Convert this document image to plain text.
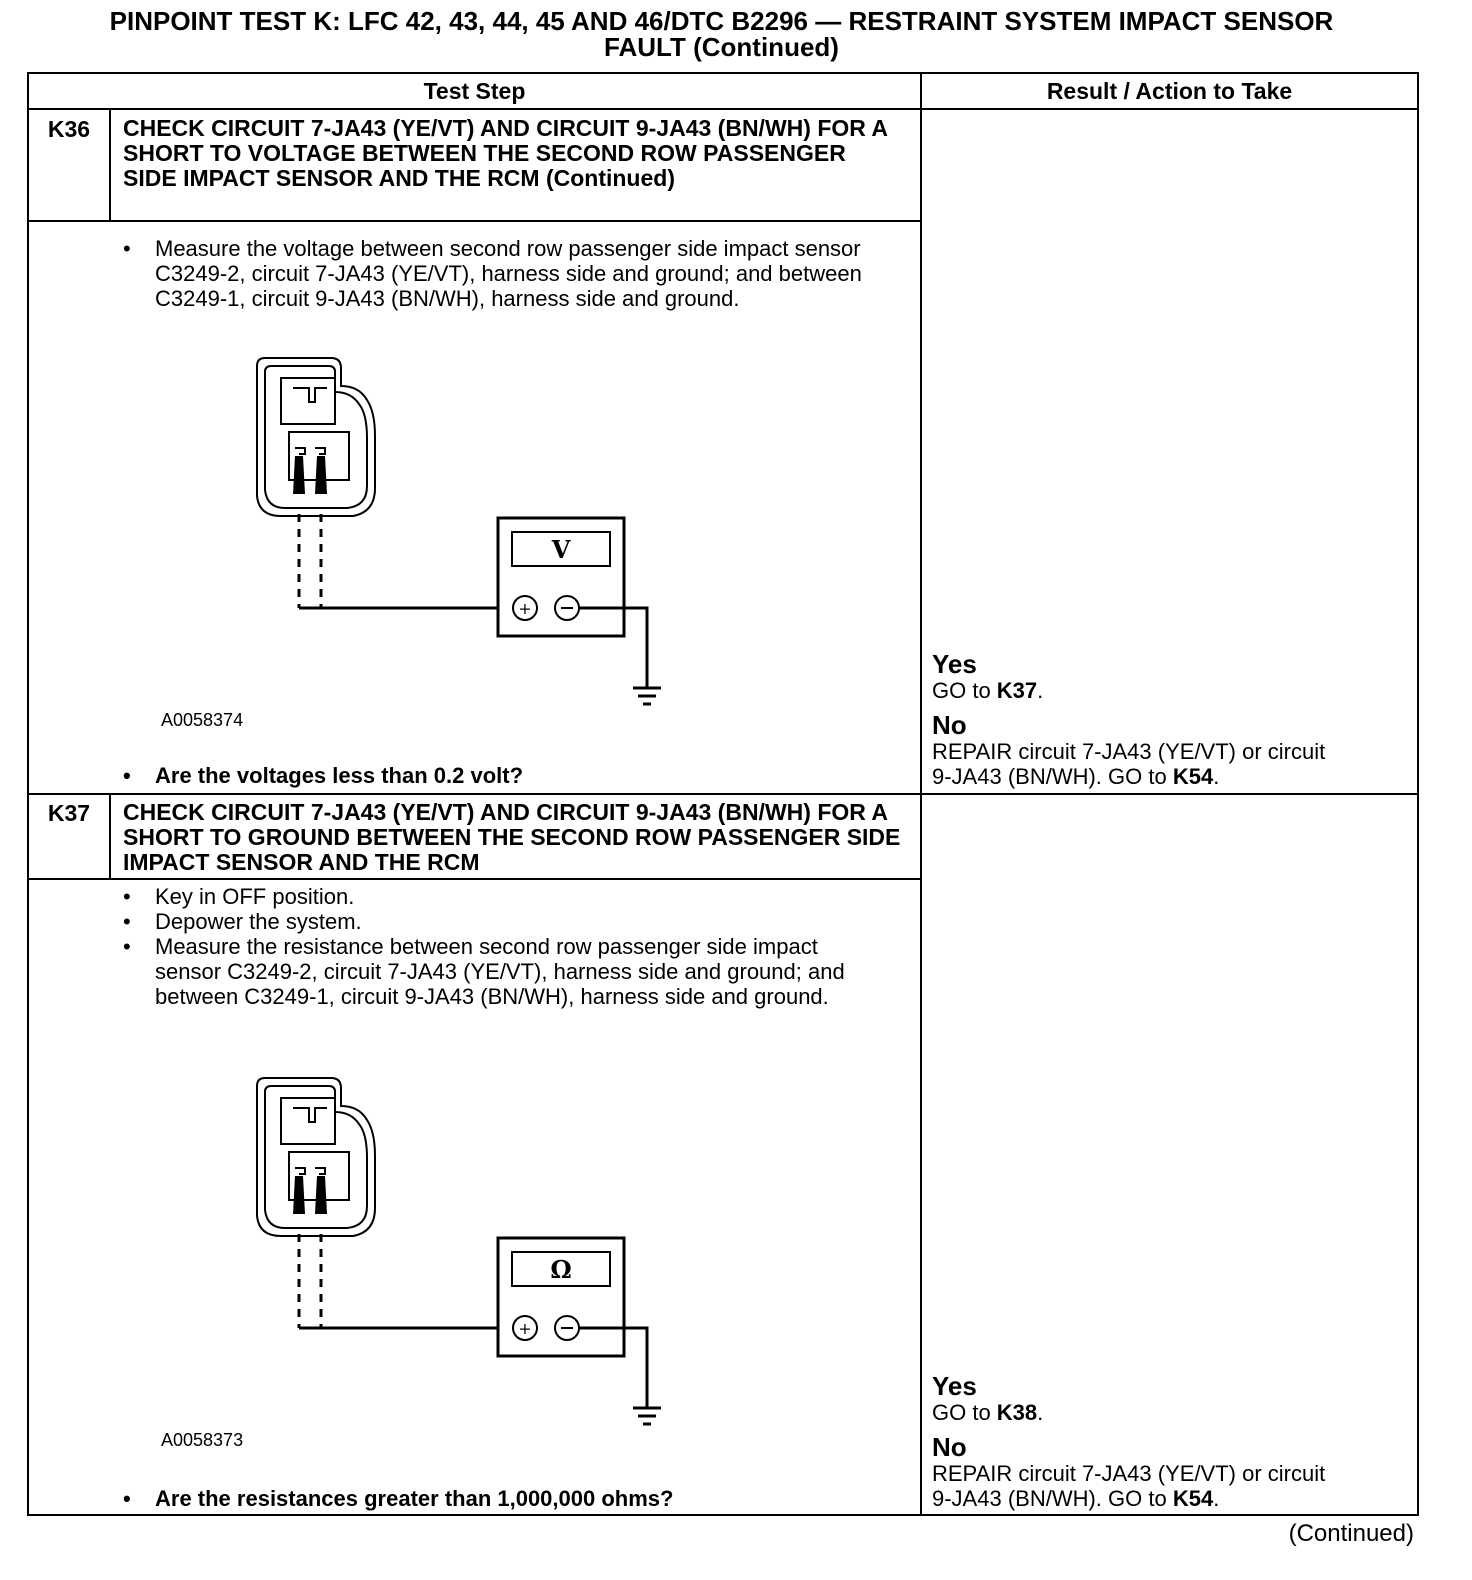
PINPOINT TEST K: LFC 42, 43, 44, 45 AND 46/DTC B2296 — RESTRAINT SYSTEM IMPACT SENSOR
FAULT (Continued)
Test Step	Result / Action to Take
K36	CHECK CIRCUIT 7-JA43 (YE/VT) AND CIRCUIT 9-JA43 (BN/WH) FOR A SHORT TO VOLTAGE BETWEEN THE SECOND ROW PASSENGER SIDE IMPACT SENSOR AND THE RCM (Continued)
• Measure the voltage between second row passenger side impact sensor C3249-2, circuit 7-JA43 (YE/VT), harness side and ground; and between C3249-1, circuit 9-JA43 (BN/WH), harness side and ground.
V
+
A0058374
• Are the voltages less than 0.2 volt?
Yes
GO to K37.
No
REPAIR circuit 7-JA43 (YE/VT) or circuit
9-JA43 (BN/WH). GO to K54.
K37	CHECK CIRCUIT 7-JA43 (YE/VT) AND CIRCUIT 9-JA43 (BN/WH) FOR A SHORT TO GROUND BETWEEN THE SECOND ROW PASSENGER SIDE IMPACT SENSOR AND THE RCM
• Key in OFF position.
• Depower the system.
• Measure the resistance between second row passenger side impact sensor C3249-2, circuit 7-JA43 (YE/VT), harness side and ground; and between C3249-1, circuit 9-JA43 (BN/WH), harness side and ground.
Ω
+
A0058373
• Are the resistances greater than 1,000,000 ohms?
Yes
GO to K38.
No
REPAIR circuit 7-JA43 (YE/VT) or circuit
9-JA43 (BN/WH). GO to K54.
(Continued)
